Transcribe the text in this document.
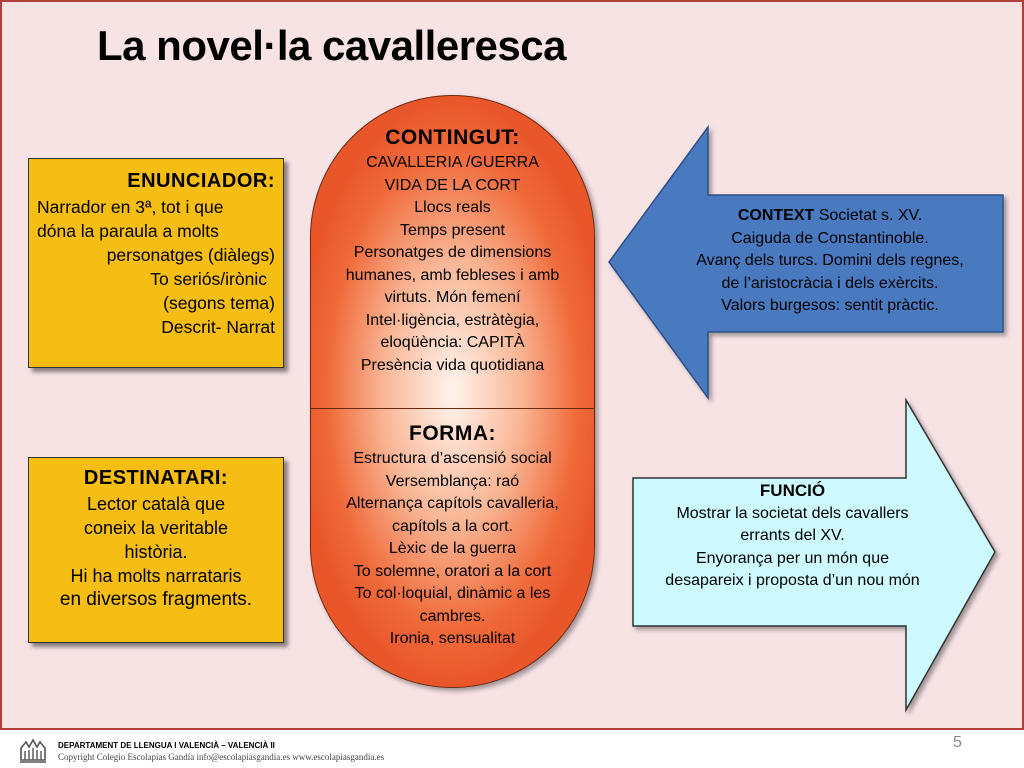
La novel·la cavalleresca
ENUNCIADOR:
Narrador en 3ª, tot i que
dóna la paraula a molts
personatges (diàlegs)
To seriós/irònic
(segons tema)
Descrit- Narrat
DESTINATARI:
Lector català que
coneix la veritable
història.
Hi ha molts narrataris
en diversos fragments.
CONTINGUT:
CAVALLERIA /GUERRA
VIDA DE LA CORT
Llocs reals
Temps present
Personatges de dimensions
humanes, amb febleses i amb
virtuts. Món femení
Intel·ligència, estràtègia,
eloqüència: CAPITÀ
Presència vida quotidiana
FORMA:
Estructura d’ascensió social
Versemblança: raó
Alternança capítols cavalleria,
capítols a la cort.
Lèxic de la guerra
To solemne, oratori a la cort
To col·loquial, dinàmic a les
cambres.
Ironia, sensualitat
CONTEXT Societat s. XV.
Caiguda de Constantinoble.
Avanç dels turcs. Domini dels regnes,
de l’aristocràcia i dels exèrcits.
Valors burgesos: sentit pràctic.
FUNCIÓ
Mostrar la societat dels cavallers
errants del XV.
Enyorança per un món que
desapareix i proposta d’un nou món
DEPARTAMENT DE LLENGUA I VALENCIÀ – VALENCIÀ II
Copyright Colegio Escolapias Gandía info@escolapiasgandia.es www.escolapiasgandia.es
5
